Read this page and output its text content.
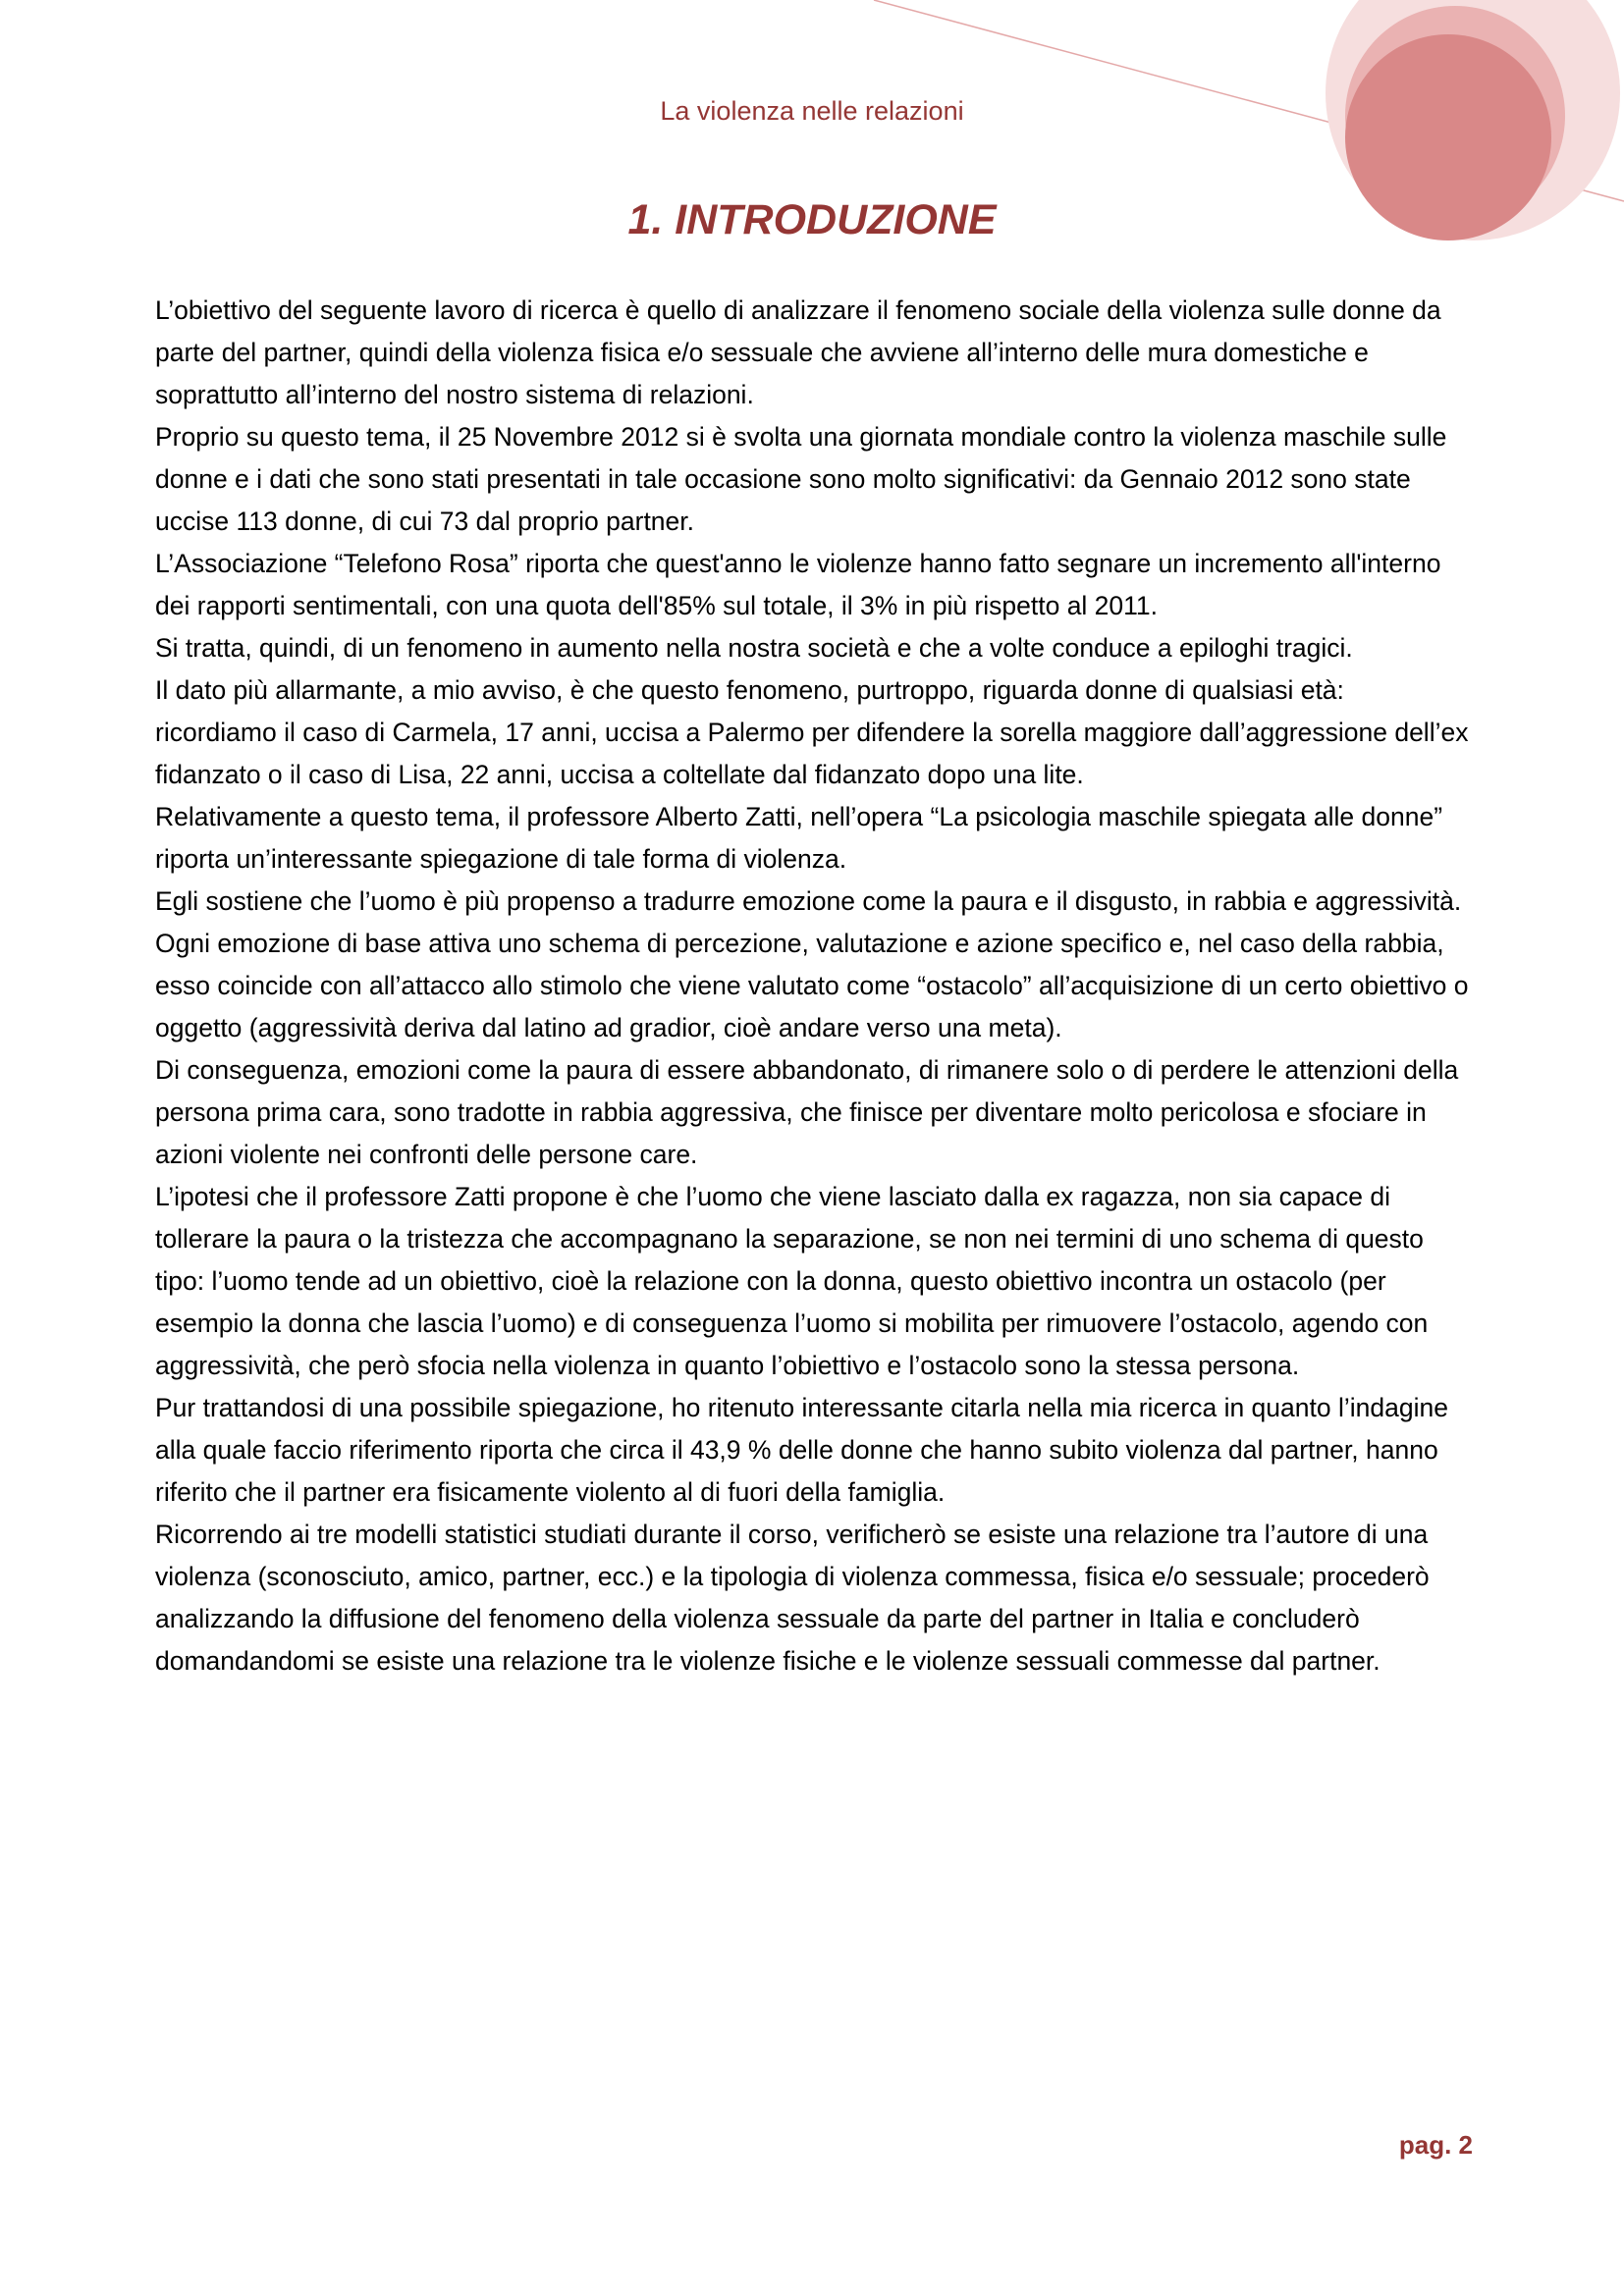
La violenza nelle relazioni
1. INTRODUZIONE

L’obiettivo del seguente lavoro di ricerca è quello di analizzare il fenomeno sociale della violenza sulle donne da parte del partner, quindi della violenza fisica e/o sessuale che avviene all’interno delle mura domestiche e soprattutto all’interno del nostro sistema di relazioni.

Proprio su questo tema, il 25 Novembre 2012 si è svolta una giornata mondiale contro la violenza maschile sulle donne e i dati che sono stati presentati in tale occasione sono molto significativi: da Gennaio 2012 sono state uccise 113 donne, di cui 73 dal proprio partner.

L’Associazione “Telefono Rosa” riporta che quest'anno le violenze hanno fatto segnare un incremento all'interno dei rapporti sentimentali, con una quota dell'85% sul totale, il 3% in più rispetto al 2011.

Si tratta, quindi, di un fenomeno in aumento nella nostra società e che a volte conduce a epiloghi tragici.

Il dato più allarmante, a mio avviso, è che questo fenomeno, purtroppo, riguarda donne di qualsiasi età: ricordiamo il caso di Carmela, 17 anni, uccisa a Palermo per difendere la sorella maggiore dall’aggressione dell’ex fidanzato o il caso di Lisa, 22 anni, uccisa a coltellate dal fidanzato dopo una lite.

Relativamente a questo tema, il professore Alberto Zatti, nell’opera “La psicologia maschile spiegata alle donne” riporta un’interessante spiegazione di tale forma di violenza.

Egli sostiene che l’uomo è più propenso a tradurre emozione come la paura e il disgusto, in rabbia e aggressività.

Ogni emozione di base attiva uno schema di percezione, valutazione e azione specifico e, nel caso della rabbia, esso coincide con all’attacco allo stimolo che viene valutato come “ostacolo” all’acquisizione di un certo obiettivo o oggetto (aggressività deriva dal latino ad gradior, cioè andare verso una meta).

Di conseguenza, emozioni come la paura di essere abbandonato, di rimanere solo o di perdere le attenzioni della persona prima cara, sono tradotte in rabbia aggressiva, che finisce per diventare molto pericolosa e sfociare in azioni violente nei confronti delle persone care.

L’ipotesi che il professore Zatti propone è che l’uomo che viene lasciato dalla ex ragazza, non sia capace di tollerare la paura o la tristezza che accompagnano la separazione, se non nei termini di uno schema di questo tipo: l’uomo tende ad un obiettivo, cioè la relazione con la donna, questo obiettivo incontra un ostacolo (per esempio la donna che lascia l’uomo) e di conseguenza l’uomo si mobilita per rimuovere l’ostacolo, agendo con aggressività, che però sfocia nella violenza in quanto l’obiettivo e l’ostacolo sono la stessa persona.

Pur trattandosi di una possibile spiegazione, ho ritenuto interessante citarla nella mia ricerca in quanto l’indagine alla quale faccio riferimento riporta che circa il 43,9 % delle donne che hanno subito violenza dal partner, hanno riferito che il partner era fisicamente violento al di fuori della famiglia.

Ricorrendo ai tre modelli statistici studiati durante il corso, verificherò se esiste una relazione tra l’autore di una violenza (sconosciuto, amico, partner, ecc.) e la tipologia di violenza commessa, fisica e/o sessuale; procederò analizzando la diffusione del fenomeno della violenza sessuale da parte del partner in Italia e concluderò domandandomi se esiste una relazione tra le violenze fisiche e le violenze sessuali commesse dal partner.

pag. 2
